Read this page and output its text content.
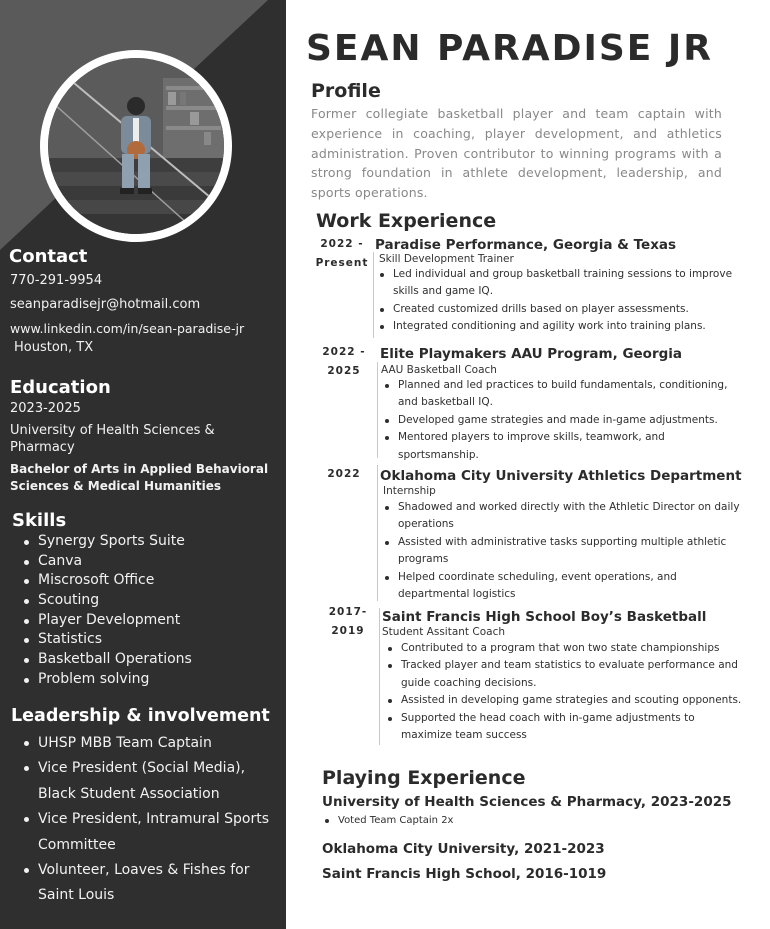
Contact
770-291-9954
seanparadisejr@hotmail.com
www.linkedin.com/in/sean-paradise-jr
Houston, TX
Education
2023-2025
University of Health Sciences &
Pharmacy
Bachelor of Arts in Applied Behavioral
Sciences & Medical Humanities
Skills
Synergy Sports Suite
Canva
Miscrosoft Office
Scouting
Player Development
Statistics
Basketball Operations
Problem solving
Leadership & involvement
UHSP MBB Team Captain
Vice President (Social Media), Black Student Association
Vice President, Intramural Sports Committee
Volunteer, Loaves & Fishes for Saint Louis
SEAN PARADISE JR
Profile
Former collegiate basketball player and team captain with experience in coaching, player development, and athletics administration. Proven contributor to winning programs with a strong foundation in athlete development, leadership, and sports operations.
Work Experience
2022 -
Present
Paradise Performance, Georgia & Texas
Skill Development Trainer
Led individual and group basketball training sessions to improve skills and game IQ.
Created customized drills based on player assessments.
Integrated conditioning and agility work into training plans.
2022 -
2025
Elite Playmakers AAU Program, Georgia
AAU Basketball Coach
Planned and led practices to build fundamentals, conditioning, and basketball IQ.
Developed game strategies and made in-game adjustments.
Mentored players to improve skills, teamwork, and sportsmanship.
2022	Oklahoma City University Athletics Department
Internship
Shadowed and worked directly with the Athletic Director on daily operations
Assisted with administrative tasks supporting multiple athletic programs
Helped coordinate scheduling, event operations, and departmental logistics
2017-
2019
Saint Francis High School Boy’s Basketball
Student Assitant Coach
Contributed to a program that won two state championships
Tracked player and team statistics to evaluate performance and guide coaching decisions.
Assisted in developing game strategies and scouting opponents.
Supported the head coach with in-game adjustments to maximize team success
Playing Experience
University of Health Sciences & Pharmacy, 2023-2025
Voted Team Captain 2x
Oklahoma City University, 2021-2023
Saint Francis High School, 2016-1019
